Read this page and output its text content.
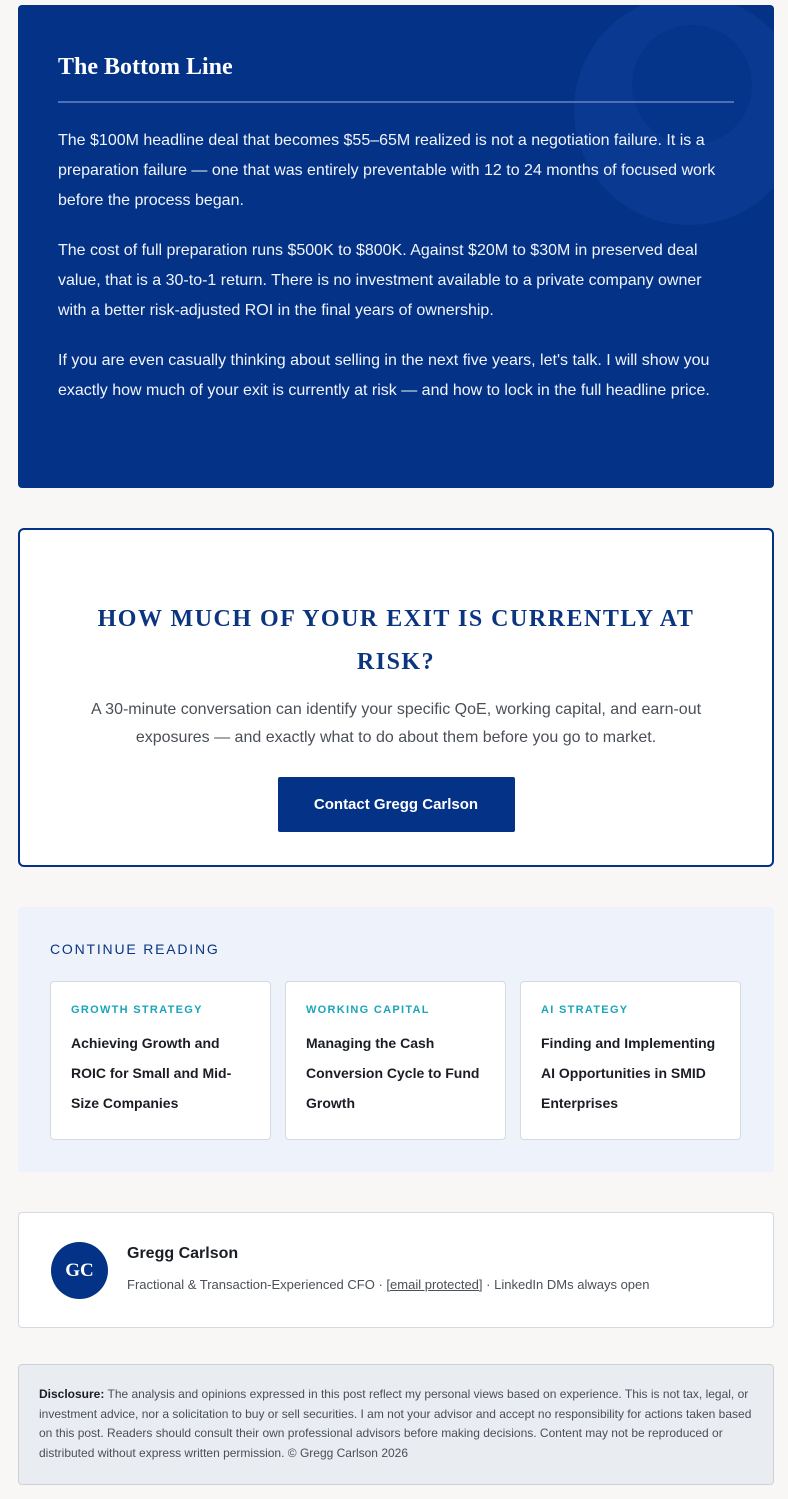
The Bottom Line

The $100M headline deal that becomes $55–65M realized is not a negotiation failure. It is a preparation failure — one that was entirely preventable with 12 to 24 months of focused work before the process began.

The cost of full preparation runs $500K to $800K. Against $20M to $30M in preserved deal value, that is a 30-to-1 return. There is no investment available to a private company owner with a better risk-adjusted ROI in the final years of ownership.

If you are even casually thinking about selling in the next five years, let's talk. I will show you exactly how much of your exit is currently at risk — and how to lock in the full headline price.

HOW MUCH OF YOUR EXIT IS CURRENTLY AT RISK?

A 30-minute conversation can identify your specific QoE, working capital, and earn-out exposures — and exactly what to do about them before you go to market.

Contact Gregg Carlson
CONTINUE READING
GROWTH STRATEGY
Achieving Growth and ROIC for Small and Mid-Size Companies
WORKING CAPITAL
Managing the Cash Conversion Cycle to Fund Growth
AI STRATEGY
Finding and Implementing AI Opportunities in SMID Enterprises
GC
Gregg Carlson
Fractional & Transaction-Experienced CFO · [email protected] · LinkedIn DMs always open
Disclosure: The analysis and opinions expressed in this post reflect my personal views based on experience. This is not tax, legal, or investment advice, nor a solicitation to buy or sell securities. I am not your advisor and accept no responsibility for actions taken based on this post. Readers should consult their own professional advisors before making decisions. Content may not be reproduced or distributed without express written permission. © Gregg Carlson 2026
